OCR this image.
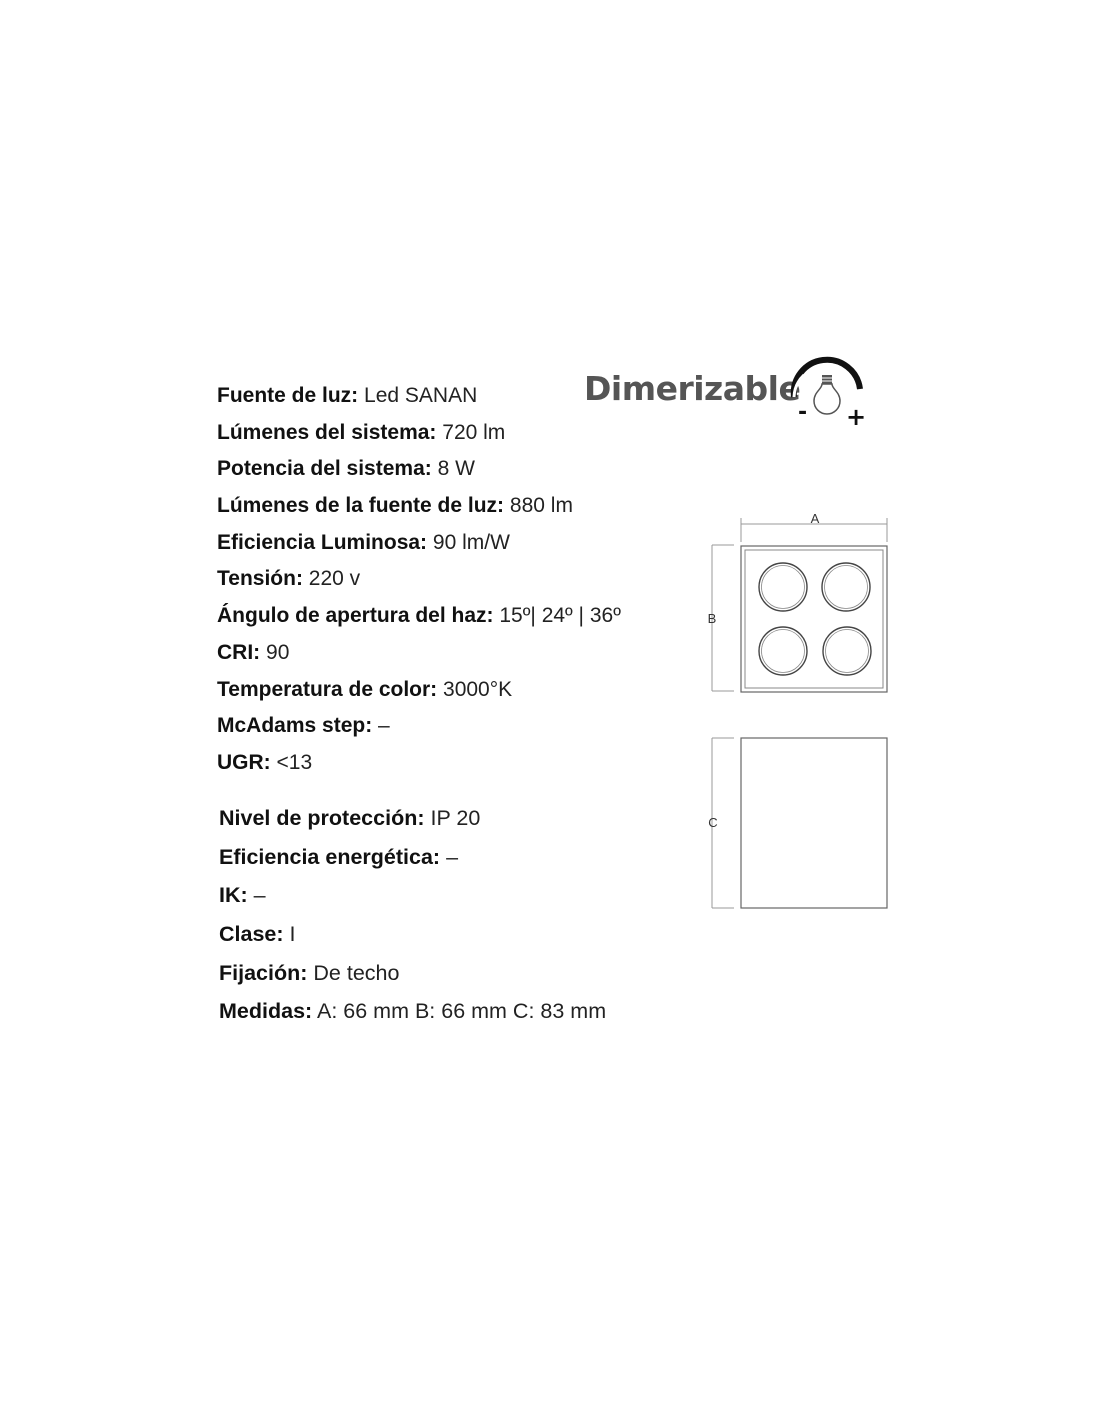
Fuente de luz: Led SANAN
Lúmenes del sistema: 720 lm
Potencia del sistema: 8 W
Lúmenes de la fuente de luz: 880 lm
Eficiencia Luminosa: 90 lm/W
Tensión: 220 v
Ángulo de apertura del haz: 15º| 24º | 36º
CRI: 90
Temperatura de color: 3000°K
McAdams step: –
UGR: <13
Nivel de protección: IP 20
Eficiencia energética: –
IK: –
Clase: I
Fijación: De techo
Medidas: A: 66 mm B: 66 mm C: 83 mm
Dimerizable
- +
A
B
C
